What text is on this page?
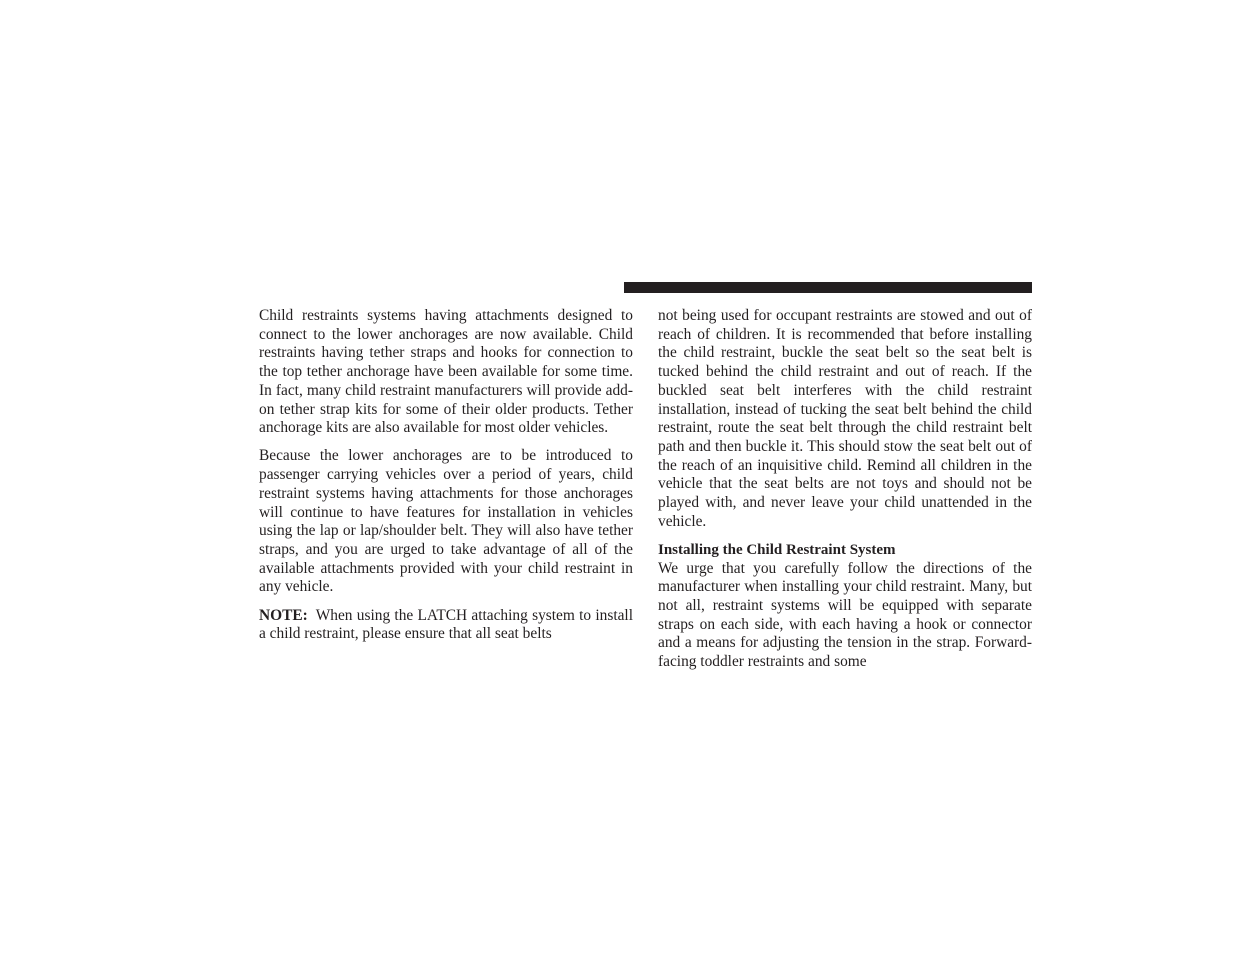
Child restraints systems having attachments designed to connect to the lower anchorages are now available. Child restraints having tether straps and hooks for connection to the top tether anchorage have been available for some time. In fact, many child restraint manufacturers will provide add-on tether strap kits for some of their older products. Tether anchorage kits are also available for most older vehicles.

Because the lower anchorages are to be introduced to passenger carrying vehicles over a period of years, child restraint systems having attachments for those anchorages will continue to have features for installation in vehicles using the lap or lap/shoulder belt. They will also have tether straps, and you are urged to take advantage of all of the available attachments provided with your child restraint in any vehicle.

NOTE: When using the LATCH attaching system to install a child restraint, please ensure that all seat belts

not being used for occupant restraints are stowed and out of reach of children. It is recommended that before installing the child restraint, buckle the seat belt so the seat belt is tucked behind the child restraint and out of reach. If the buckled seat belt interferes with the child restraint installation, instead of tucking the seat belt behind the child restraint, route the seat belt through the child restraint belt path and then buckle it. This should stow the seat belt out of the reach of an inquisitive child. Remind all children in the vehicle that the seat belts are not toys and should not be played with, and never leave your child unattended in the vehicle.

Installing the Child Restraint System

We urge that you carefully follow the directions of the manufacturer when installing your child restraint. Many, but not all, restraint systems will be equipped with separate straps on each side, with each having a hook or connector and a means for adjusting the tension in the strap. Forward-facing toddler restraints and some
